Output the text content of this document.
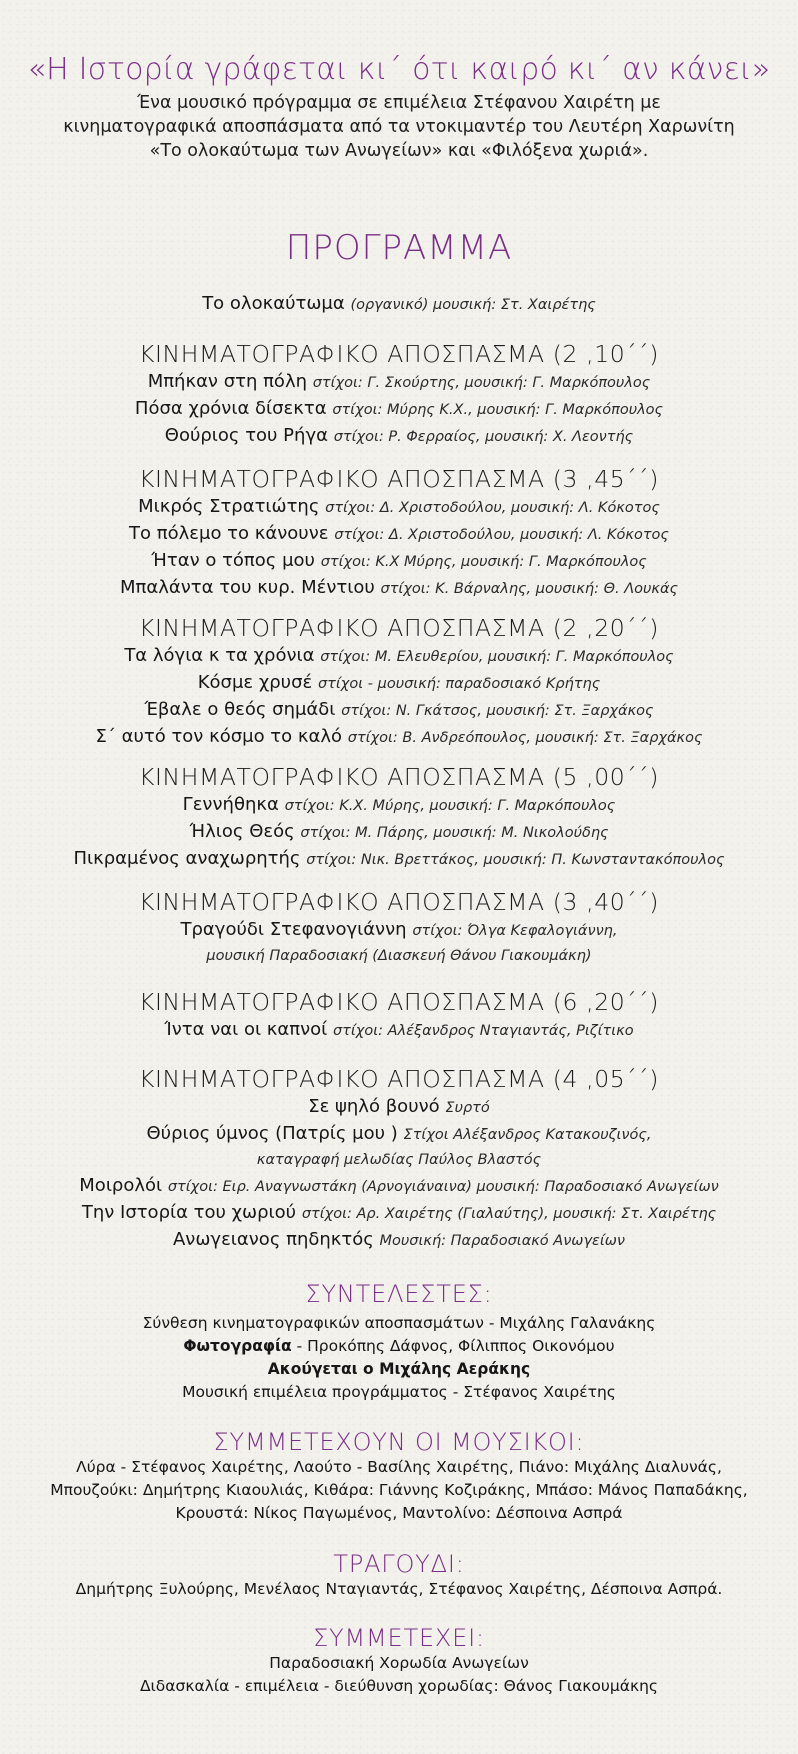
«Η Ιστορία γράφεται κι΄ ότι καιρό κι΄ αν κάνει»
Ένα μουσικό πρόγραμμα σε επιμέλεια Στέφανου Χαιρέτη με
κινηματογραφικά αποσπάσματα από τα ντοκιμαντέρ του Λευτέρη Χαρωνίτη
«Το ολοκαύτωμα των Ανωγείων» και «Φιλόξενα χωριά».
ΠΡΟΓΡΑΜΜΑ
Το ολοκαύτωμα (οργανικό) μουσική: Στ. Χαιρέτης
ΚΙΝΗΜΑΤΟΓΡΑΦΙΚΟ ΑΠΟΣΠΑΣΜΑ (2 ,10΄΄)
Μπήκαν στη πόλη στίχοι: Γ. Σκούρτης, μουσική: Γ. Μαρκόπουλος
Πόσα χρόνια δίσεκτα στίχοι: Μύρης Κ.Χ., μουσική: Γ. Μαρκόπουλος
Θούριος του Ρήγα στίχοι: Ρ. Φερραίος, μουσική: Χ. Λεοντής
ΚΙΝΗΜΑΤΟΓΡΑΦΙΚΟ ΑΠΟΣΠΑΣΜΑ (3 ,45΄΄)
Μικρός Στρατιώτης στίχοι: Δ. Χριστοδούλου, μουσική: Λ. Κόκοτος
Το πόλεμο το κάνουνε στίχοι: Δ. Χριστοδούλου, μουσική: Λ. Κόκοτος
Ήταν ο τόπος μου στίχοι: Κ.Χ Μύρης, μουσική: Γ. Μαρκόπουλος
Μπαλάντα του κυρ. Μέντιου στίχοι: Κ. Βάρναλης, μουσική: Θ. Λουκάς
ΚΙΝΗΜΑΤΟΓΡΑΦΙΚΟ ΑΠΟΣΠΑΣΜΑ (2 ,20΄΄)
Τα λόγια κ τα χρόνια στίχοι: Μ. Ελευθερίου, μουσική: Γ. Μαρκόπουλος
Κόσμε χρυσέ στίχοι - μουσική: παραδοσιακό Κρήτης
Έβαλε ο θεός σημάδι στίχοι: Ν. Γκάτσος, μουσική: Στ. Ξαρχάκος
Σ΄ αυτό τον κόσμο το καλό στίχοι: Β. Ανδρεόπουλος, μουσική: Στ. Ξαρχάκος
ΚΙΝΗΜΑΤΟΓΡΑΦΙΚΟ ΑΠΟΣΠΑΣΜΑ (5 ,00΄΄)
Γεννήθηκα στίχοι: Κ.Χ. Μύρης, μουσική: Γ. Μαρκόπουλος
Ήλιος Θεός στίχοι: Μ. Πάρης, μουσική: Μ. Νικολούδης
Πικραμένος αναχωρητής στίχοι: Νικ. Βρεττάκος, μουσική: Π. Κωνσταντακόπουλος
ΚΙΝΗΜΑΤΟΓΡΑΦΙΚΟ ΑΠΟΣΠΑΣΜΑ (3 ,40΄΄)
Τραγούδι Στεφανογιάννη στίχοι: Όλγα Κεφαλογιάννη,
μουσική Παραδοσιακή (Διασκευή Θάνου Γιακουμάκη)
ΚΙΝΗΜΑΤΟΓΡΑΦΙΚΟ ΑΠΟΣΠΑΣΜΑ (6 ,20΄΄)
Ίντα ναι οι καπνοί στίχοι: Αλέξανδρος Νταγιαντάς, Ριζίτικο
ΚΙΝΗΜΑΤΟΓΡΑΦΙΚΟ ΑΠΟΣΠΑΣΜΑ (4 ,05΄΄)
Σε ψηλό βουνό Συρτό
Θύριος ύμνος (Πατρίς μου ) Στίχοι Αλέξανδρος Κατακουζινός,
καταγραφή μελωδίας Παύλος Βλαστός
Μοιρολόι στίχοι: Ειρ. Αναγνωστάκη (Αρνογιάναινα) μουσική: Παραδοσιακό Ανωγείων
Την Ιστορία του χωριού στίχοι: Αρ. Χαιρέτης (Γιαλαύτης), μουσική: Στ. Χαιρέτης
Ανωγειανος πηδηκτός Μουσική: Παραδοσιακό Ανωγείων
ΣΥΝΤΕΛΕΣΤΕΣ:
Σύνθεση κινηματογραφικών αποσπασμάτων - Μιχάλης Γαλανάκης
Φωτογραφία - Προκόπης Δάφνος, Φίλιππος Οικονόμου
Ακούγεται ο Μιχάλης Αεράκης
Μουσική επιμέλεια προγράμματος - Στέφανος Χαιρέτης
ΣΥΜΜΕΤΕΧΟΥΝ ΟΙ ΜΟΥΣΙΚΟΙ:
Λύρα - Στέφανος Χαιρέτης, Λαούτο - Βασίλης Χαιρέτης, Πιάνο: Μιχάλης Διαλυνάς,
Μπουζούκι: Δημήτρης Κιαουλιάς, Κιθάρα: Γιάννης Κοζιράκης, Μπάσο: Μάνος Παπαδάκης,
Κρουστά: Νίκος Παγωμένος, Μαντολίνο: Δέσποινα Ασπρά
ΤΡΑΓΟΥΔΙ:
Δημήτρης Ξυλούρης, Μενέλαος Νταγιαντάς, Στέφανος Χαιρέτης, Δέσποινα Ασπρά.
ΣΥΜΜΕΤΕΧΕΙ:
Παραδοσιακή Χορωδία Ανωγείων
Διδασκαλία - επιμέλεια - διεύθυνση χορωδίας: Θάνος Γιακουμάκης
